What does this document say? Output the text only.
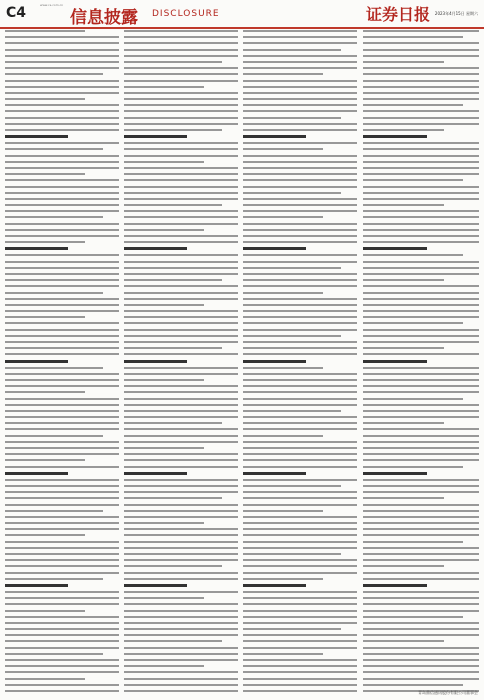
C4	www.cs.com.cn
信息披露 DISCLOSURE	证券日报 2023年4月15日 星期六
青岛鼎信通讯股份有限公司董事会
